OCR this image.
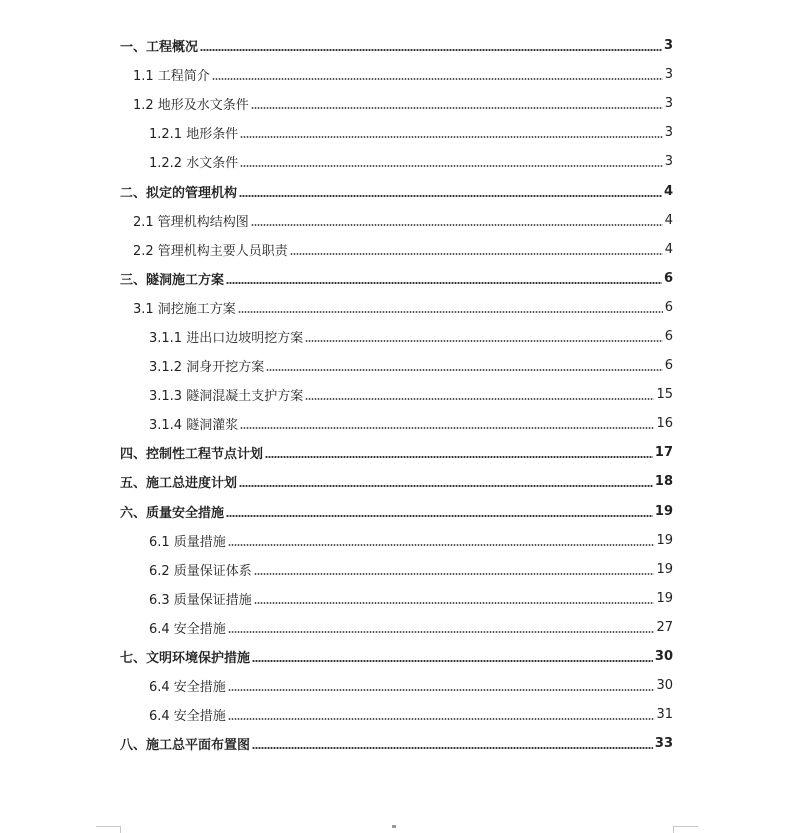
一、工程概况	3
1.1 工程简介	3
1.2 地形及水文条件	3
1.2.1 地形条件	3
1.2.2 水文条件	3
二、拟定的管理机构	4
2.1 管理机构结构图	4
2.2 管理机构主要人员职责	4
三、隧洞施工方案	6
3.1 洞挖施工方案	6
3.1.1 进出口边坡明挖方案	6
3.1.2 洞身开挖方案	6
3.1.3 隧洞混凝土支护方案	15
3.1.4 隧洞灌浆	16
四、控制性工程节点计划	17
五、施工总进度计划	18
六、质量安全措施	19
6.1 质量措施	19
6.2 质量保证体系	19
6.3 质量保证措施	19
6.4 安全措施	27
七、文明环境保护措施	30
6.4 安全措施	30
6.4 安全措施	31
八、施工总平面布置图	33
